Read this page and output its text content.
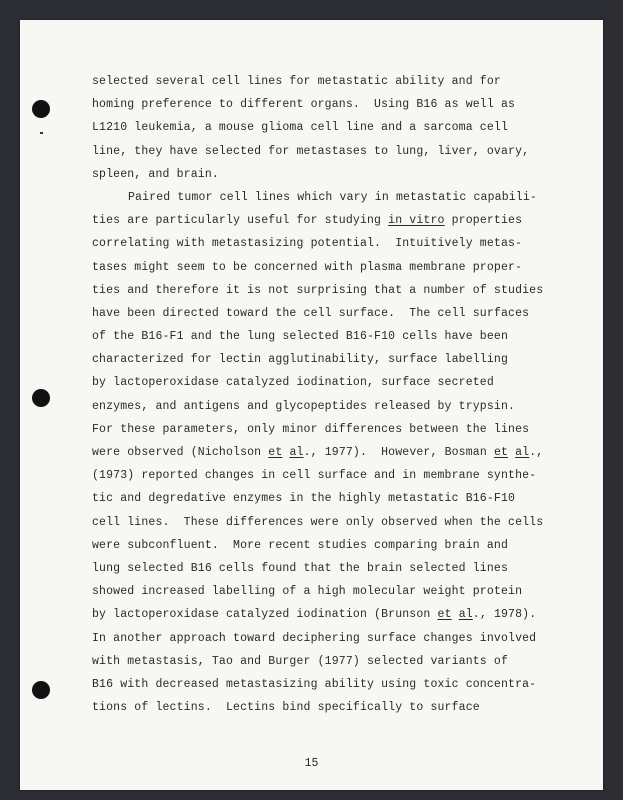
selected several cell lines for metastatic ability and for
homing preference to different organs.  Using B16 as well as
L1210 leukemia, a mouse glioma cell line and a sarcoma cell
line, they have selected for metastases to lung, liver, ovary,
spleen, and brain.
Paired tumor cell lines which vary in metastatic capabili-
ties are particularly useful for studying in vitro properties
correlating with metastasizing potential.  Intuitively metas-
tases might seem to be concerned with plasma membrane proper-
ties and therefore it is not surprising that a number of studies
have been directed toward the cell surface.  The cell surfaces
of the B16-F1 and the lung selected B16-F10 cells have been
characterized for lectin agglutinability, surface labelling
by lactoperoxidase catalyzed iodination, surface secreted
enzymes, and antigens and glycopeptides released by trypsin.
For these parameters, only minor differences between the lines
were observed (Nicholson et al., 1977).  However, Bosman et al.,
(1973) reported changes in cell surface and in membrane synthe-
tic and degredative enzymes in the highly metastatic B16-F10
cell lines.  These differences were only observed when the cells
were subconfluent.  More recent studies comparing brain and
lung selected B16 cells found that the brain selected lines
showed increased labelling of a high molecular weight protein
by lactoperoxidase catalyzed iodination (Brunson et al., 1978).
In another approach toward deciphering surface changes involved
with metastasis, Tao and Burger (1977) selected variants of
B16 with decreased metastasizing ability using toxic concentra-
tions of lectins.  Lectins bind specifically to surface
15
